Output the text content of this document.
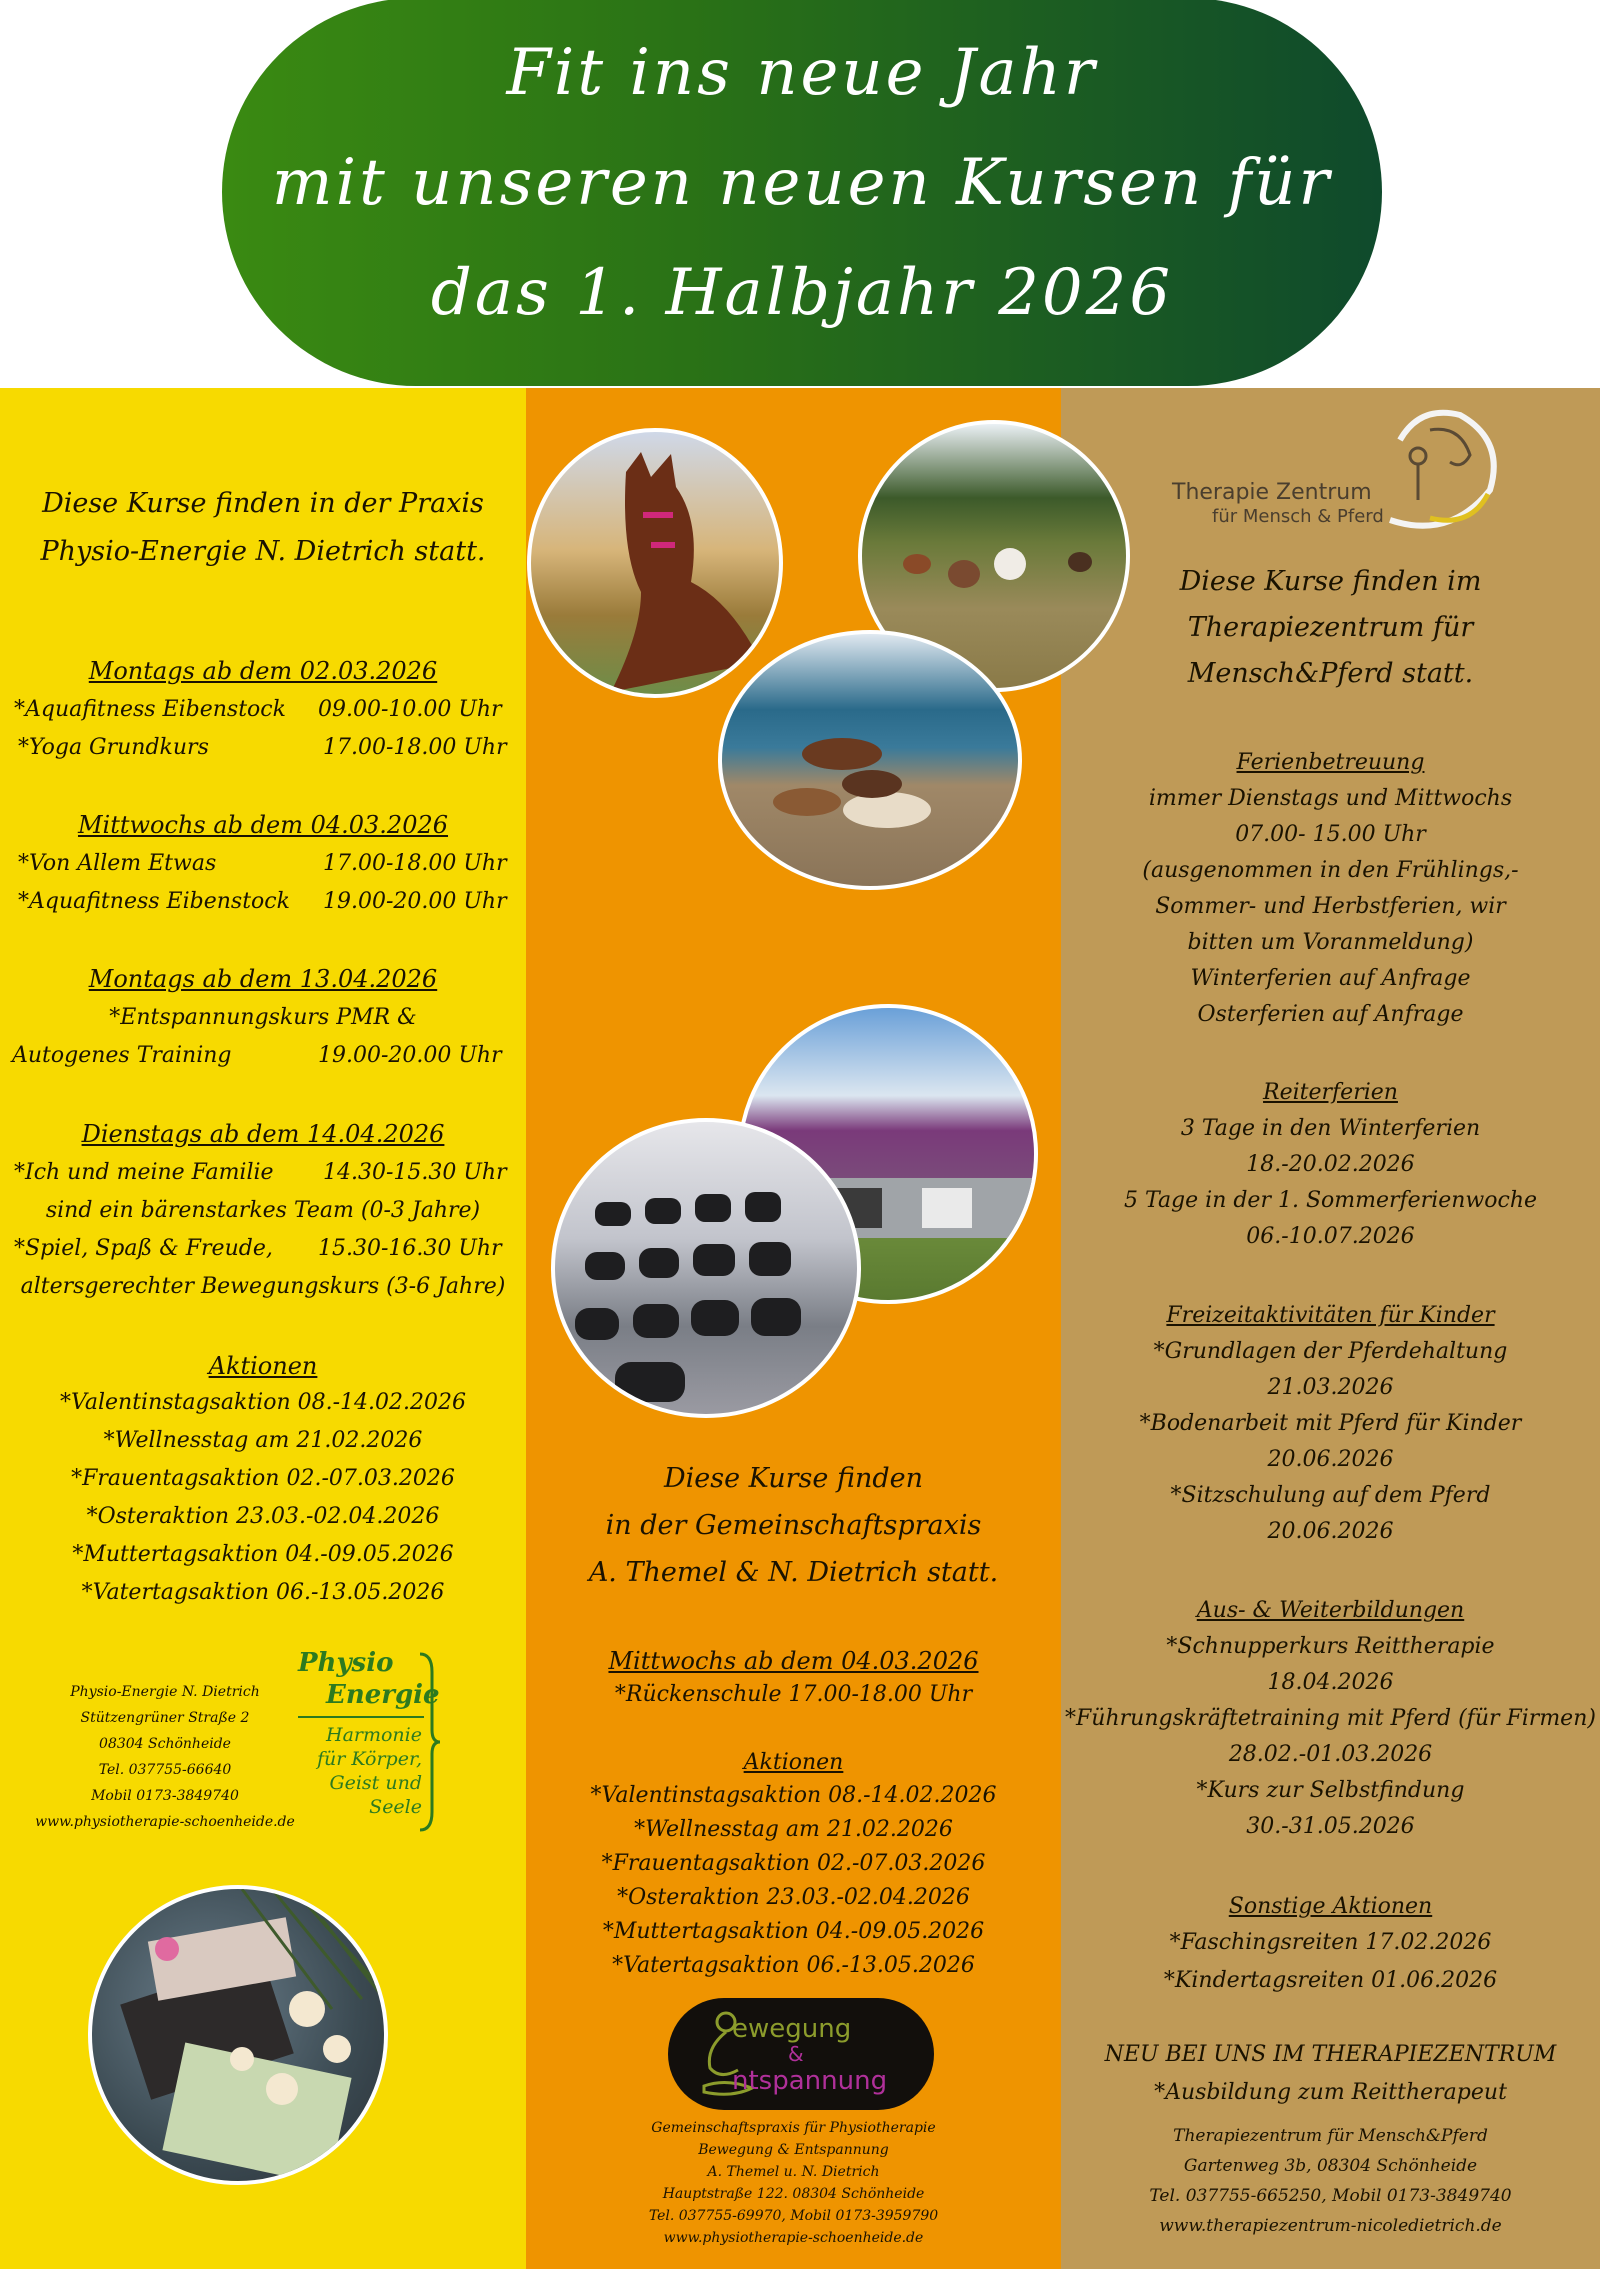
Fit ins neue Jahr
mit unseren neuen Kursen für
das 1. Halbjahr 2026
Diese Kurse finden in der Praxis
Physio-Energie N. Dietrich statt.
Montags ab dem 02.03.2026
*Aquafitness Eibenstock 09.00-10.00 Uhr
*Yoga Grundkurs	17.00-18.00 Uhr
Mittwochs ab dem 04.03.2026
*Von Allem Etwas	17.00-18.00 Uhr
*Aquafitness Eibenstock 19.00-20.00 Uhr
Montags ab dem 13.04.2026
*Entspannungskurs PMR &
Autogenes Training	19.00-20.00 Uhr
Dienstags ab dem 14.04.2026
*Ich und meine Familie 14.30-15.30 Uhr
sind ein bärenstarkes Team (0-3 Jahre)
*Spiel, Spaß & Freude, 15.30-16.30 Uhr
altersgerechter Bewegungskurs (3-6 Jahre)
Aktionen
*Valentinstagsaktion 08.-14.02.2026
*Wellnesstag am 21.02.2026
*Frauentagsaktion 02.-07.03.2026
*Osteraktion 23.03.-02.04.2026
*Muttertagsaktion 04.-09.05.2026
*Vatertagsaktion 06.-13.05.2026
Physio-Energie N. Dietrich
Stützengrüner Straße 2
08304 Schönheide
Tel. 037755-66640
Mobil 0173-3849740
www.physiotherapie-schoenheide.de
Physio
Energie
Harmonie
für Körper,
Geist und
Seele
Diese Kurse finden
in der Gemeinschaftspraxis
A. Themel & N. Dietrich statt.
Mittwochs ab dem 04.03.2026
*Rückenschule 17.00-18.00 Uhr
Aktionen
*Valentinstagsaktion 08.-14.02.2026
*Wellnesstag am 21.02.2026
*Frauentagsaktion 02.-07.03.2026
*Osteraktion 23.03.-02.04.2026
*Muttertagsaktion 04.-09.05.2026
*Vatertagsaktion 06.-13.05.2026
ewegung
&
ntspannung
Gemeinschaftspraxis für Physiotherapie
Bewegung & Entspannung
A. Themel u. N. Dietrich
Hauptstraße 122. 08304 Schönheide
Tel. 037755-69970, Mobil 0173-3959790
www.physiotherapie-schoenheide.de
Therapie Zentrum
für Mensch & Pferd
Diese Kurse finden im
Therapiezentrum für
Mensch&Pferd statt.
Ferienbetreuung
immer Dienstags und Mittwochs
07.00- 15.00 Uhr
(ausgenommen in den Frühlings,-
Sommer- und Herbstferien, wir
bitten um Voranmeldung)
Winterferien auf Anfrage
Osterferien auf Anfrage
Reiterferien
3 Tage in den Winterferien
18.-20.02.2026
5 Tage in der 1. Sommerferienwoche
06.-10.07.2026
Freizeitaktivitäten für Kinder
*Grundlagen der Pferdehaltung
21.03.2026
*Bodenarbeit mit Pferd für Kinder
20.06.2026
*Sitzschulung auf dem Pferd
20.06.2026
Aus- & Weiterbildungen
*Schnupperkurs Reittherapie
18.04.2026
*Führungskräftetraining mit Pferd (für Firmen)
28.02.-01.03.2026
*Kurs zur Selbstfindung
30.-31.05.2026
Sonstige Aktionen
*Faschingsreiten 17.02.2026
*Kindertagsreiten 01.06.2026
NEU BEI UNS IM THERAPIEZENTRUM
*Ausbildung zum Reittherapeut
Therapiezentrum für Mensch&Pferd
Gartenweg 3b, 08304 Schönheide
Tel. 037755-665250, Mobil 0173-3849740
www.therapiezentrum-nicoledietrich.de
